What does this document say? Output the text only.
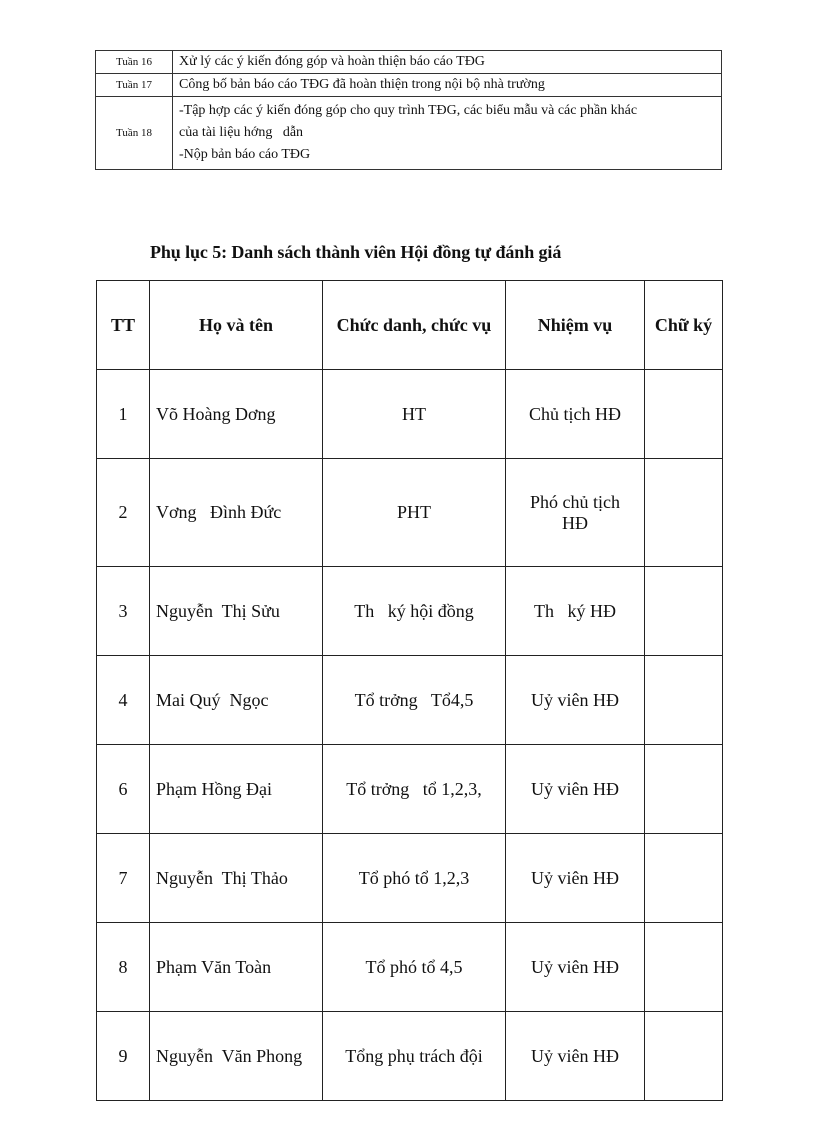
Tuần 16	Xử lý các ý kiến đóng góp và hoàn thiện báo cáo TĐG

Tuần 17	Công bố bản báo cáo TĐG đã hoàn thiện trong nội bộ nhà trường

Tuần 18	-Tập hợp các ý kiến đóng góp cho quy trình TĐG, các biểu mẫu và các phần khác
của tài liệu hớng   dẫn
-Nộp bản báo cáo TĐG
Phụ lục 5: Danh sách thành viên Hội đồng tự đánh giá
TT	Họ và tên	Chức danh, chức vụ	Nhiệm vụ	Chữ ký
1	Võ Hoàng Dơng	HT	Chủ tịch HĐ	
2	Vơng   Đình Đức	PHT	Phó chủ tịch HĐ	
3	Nguyễn  Thị Sửu	Th   ký hội đồng	Th   ký HĐ	
4	Mai Quý  Ngọc	Tổ trởng   Tổ4,5	Uỷ viên HĐ	
6	Phạm Hồng Đại	Tổ trởng   tổ 1,2,3,	Uỷ viên HĐ	
7	Nguyễn  Thị Thảo	Tổ phó tổ 1,2,3	Uỷ viên HĐ	
8	Phạm Văn Toàn	Tổ phó tổ 4,5	Uỷ viên HĐ	
9	Nguyễn  Văn Phong	Tổng phụ trách đội	Uỷ viên HĐ	
